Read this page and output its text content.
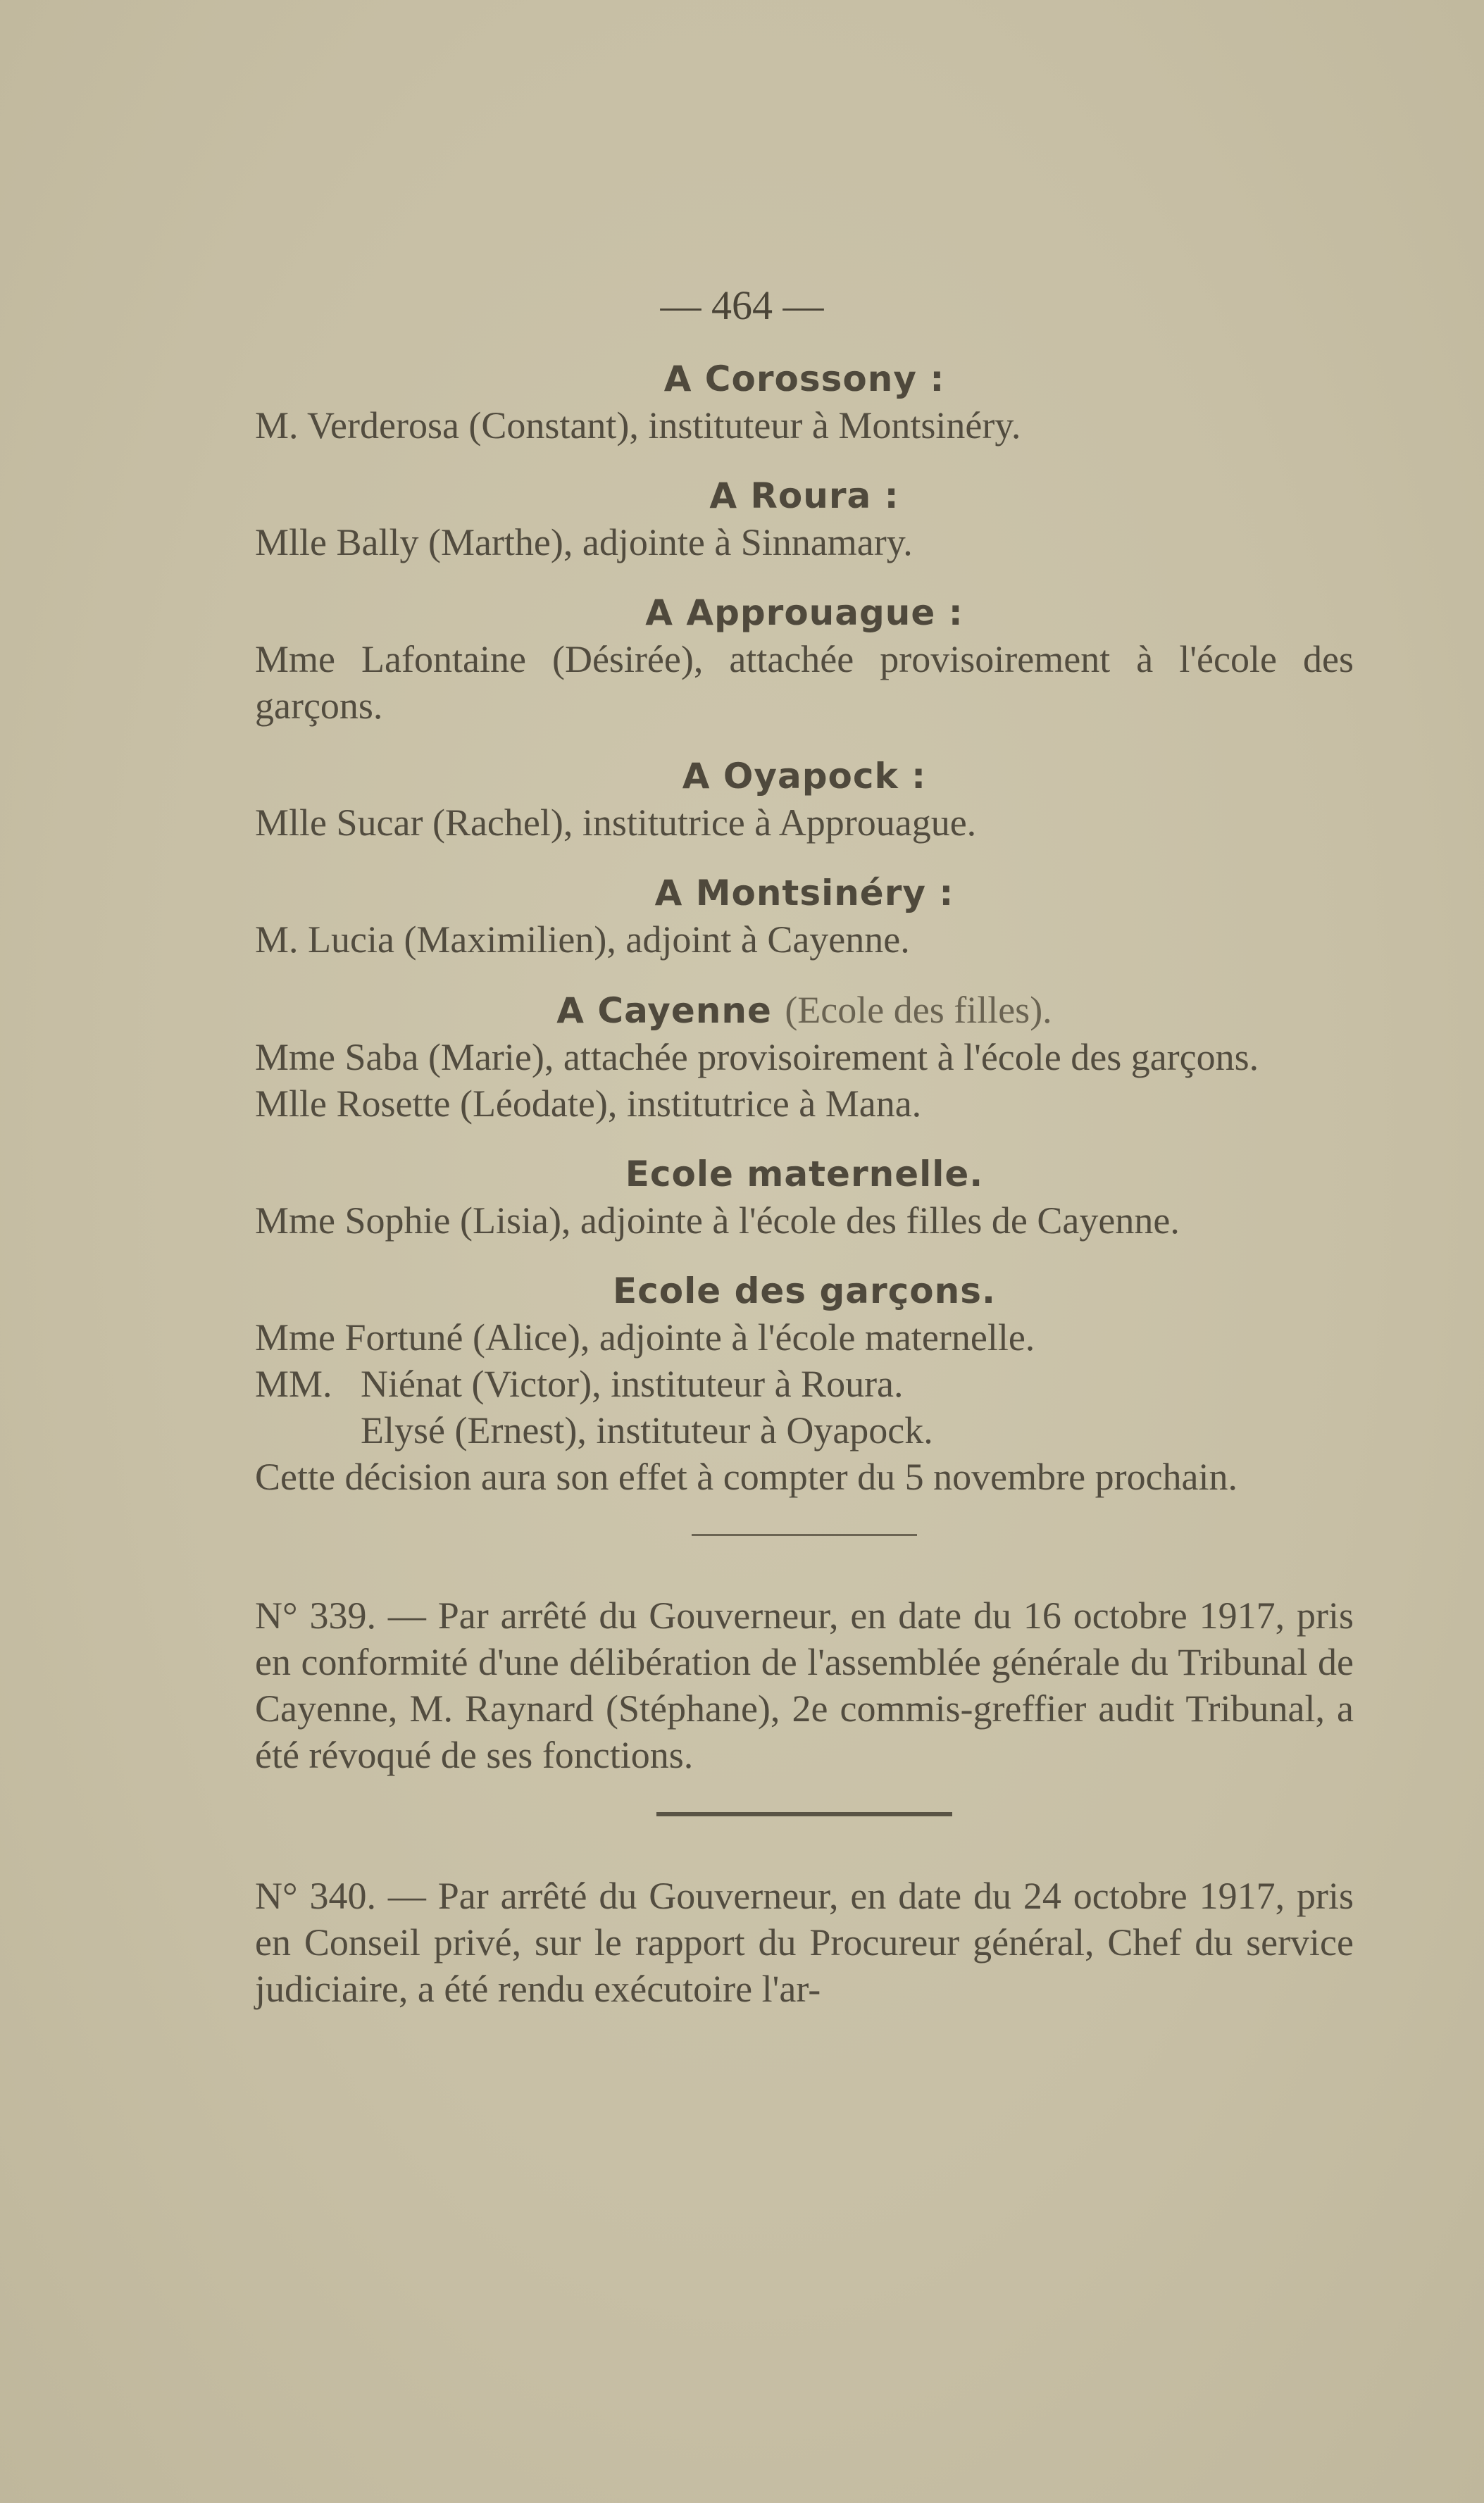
— 464 —

A Corossony :

M. Verderosa (Constant), instituteur à Montsinéry.

A Roura :

Mlle Bally (Marthe), adjointe à Sinnamary.

A Approuague :

Mme Lafontaine (Désirée), attachée provisoirement à l'école des garçons.

A Oyapock :

Mlle Sucar (Rachel), institutrice à Approuague.

A Montsinéry :

M. Lucia (Maximilien), adjoint à Cayenne.

A Cayenne (Ecole des filles).

Mme Saba (Marie), attachée provisoirement à l'école des garçons.

Mlle Rosette (Léodate), institutrice à Mana.

Ecole maternelle.

Mme Sophie (Lisia), adjointe à l'école des filles de Cayenne.

Ecole des garçons.

Mme Fortuné (Alice), adjointe à l'école maternelle.

MM. Niénat (Victor), instituteur à Roura.
Elysé (Ernest), instituteur à Oyapock.

Cette décision aura son effet à compter du 5 novembre prochain.

N° 339. — Par arrêté du Gouverneur, en date du 16 octobre 1917, pris en conformité d'une délibération de l'assemblée générale du Tribunal de Cayenne, M. Raynard (Stéphane), 2e commis-greffier audit Tribunal, a été révoqué de ses fonctions.

N° 340. — Par arrêté du Gouverneur, en date du 24 octobre 1917, pris en Conseil privé, sur le rapport du Procureur général, Chef du service judiciaire, a été rendu exécutoire l'ar-
